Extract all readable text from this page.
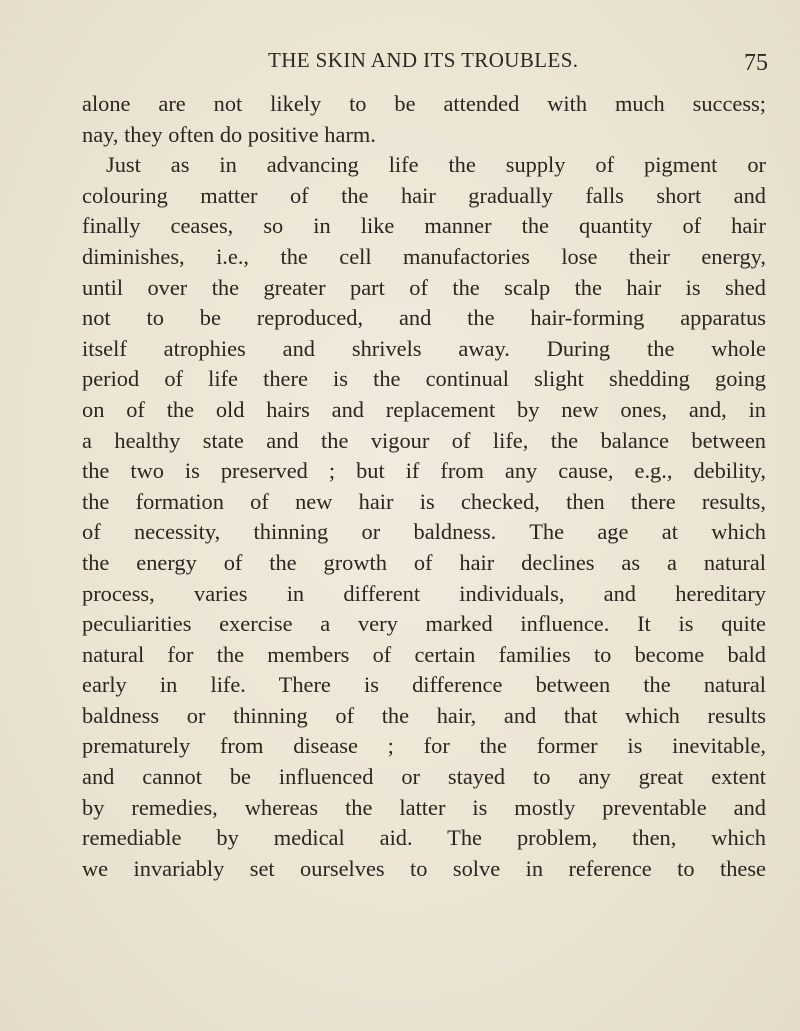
THE SKIN AND ITS TROUBLES.	75
alone are not likely to be attended with much success;
nay, they often do positive harm.
Just as in advancing life the supply of pigment or
colouring matter of the hair gradually falls short and
finally ceases, so in like manner the quantity of hair
diminishes, i.e., the cell manufactories lose their energy,
until over the greater part of the scalp the hair is shed
not to be reproduced, and the hair-forming apparatus
itself atrophies and shrivels away. During the whole
period of life there is the continual slight shedding going
on of the old hairs and replacement by new ones, and, in
a healthy state and the vigour of life, the balance between
the two is preserved ; but if from any cause, e.g., debility,
the formation of new hair is checked, then there results,
of necessity, thinning or baldness. The age at which
the energy of the growth of hair declines as a natural
process, varies in different individuals, and hereditary
peculiarities exercise a very marked influence. It is quite
natural for the members of certain families to become bald
early in life. There is difference between the natural
baldness or thinning of the hair, and that which results
prematurely from disease ; for the former is inevitable,
and cannot be influenced or stayed to any great extent
by remedies, whereas the latter is mostly preventable and
remediable by medical aid. The problem, then, which
we invariably set ourselves to solve in reference to these
